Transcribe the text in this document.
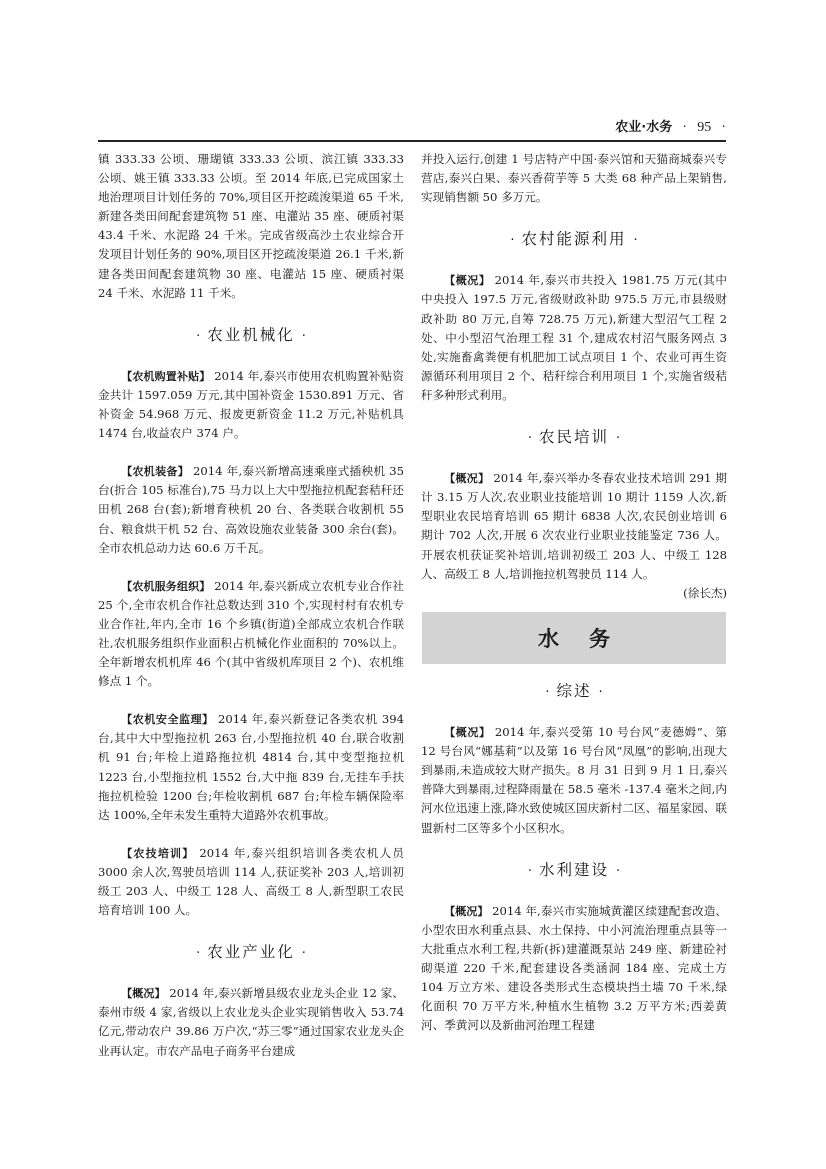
农业·水务 · 95 ·

镇 333.33 公顷、珊瑚镇 333.33 公顷、滨江镇 333.33 公顷、姚王镇 333.33 公顷。至 2014 年底,已完成国家土地治理项目计划任务的 70%,项目区开挖疏浚渠道 65 千米,新建各类田间配套建筑物 51 座、电灌站 35 座、硬质衬渠 43.4 千米、水泥路 24 千米。完成省级高沙土农业综合开发项目计划任务的 90%,项目区开挖疏浚渠道 26.1 千米,新建各类田间配套建筑物 30 座、电灌站 15 座、硬质衬渠 24 千米、水泥路 11 千米。

· 农业机械化 ·

【农机购置补贴】 2014 年,泰兴市使用农机购置补贴资金共计 1597.059 万元,其中国补资金 1530.891 万元、省补资金 54.968 万元、报废更新资金 11.2 万元,补贴机具 1474 台,收益农户 374 户。

【农机装备】 2014 年,泰兴新增高速乘座式插秧机 35 台(折合 105 标准台),75 马力以上大中型拖拉机配套秸秆还田机 268 台(套);新增育秧机 20 台、各类联合收割机 55 台、粮食烘干机 52 台、高效设施农业装备 300 余台(套)。全市农机总动力达 60.6 万千瓦。

【农机服务组织】 2014 年,泰兴新成立农机专业合作社 25 个,全市农机合作社总数达到 310 个,实现村村有农机专业合作社,年内,全市 16 个乡镇(街道)全部成立农机合作联社,农机服务组织作业面积占机械化作业面积的 70%以上。全年新增农机机库 46 个(其中省级机库项目 2 个)、农机维修点 1 个。

【农机安全监理】 2014 年,泰兴新登记各类农机 394 台,其中大中型拖拉机 263 台,小型拖拉机 40 台,联合收割机 91 台;年检上道路拖拉机 4814 台,其中变型拖拉机 1223 台,小型拖拉机 1552 台,大中拖 839 台,无挂车手扶拖拉机检验 1200 台;年检收割机 687 台;年检车辆保险率达 100%,全年未发生重特大道路外农机事故。

【农技培训】 2014 年,泰兴组织培训各类农机人员 3000 余人次,驾驶员培训 114 人,获证奖补 203 人,培训初级工 203 人、中级工 128 人、高级工 8 人,新型职工农民培育培训 100 人。

· 农业产业化 ·

【概况】 2014 年,泰兴新增县级农业龙头企业 12 家、泰州市级 4 家,省级以上农业龙头企业实现销售收入 53.74 亿元,带动农户 39.86 万户次,“苏三零”通过国家农业龙头企业再认定。市农产品电子商务平台建成

并投入运行,创建 1 号店特产中国·泰兴馆和天猫商城泰兴专营店,泰兴白果、泰兴香荷芋等 5 大类 68 种产品上架销售,实现销售额 50 多万元。

· 农村能源利用 ·

【概况】 2014 年,泰兴市共投入 1981.75 万元(其中中央投入 197.5 万元,省级财政补助 975.5 万元,市县级财政补助 80 万元,自筹 728.75 万元),新建大型沼气工程 2 处、中小型沼气治理工程 31 个,建成农村沼气服务网点 3 处,实施畜禽粪便有机肥加工试点项目 1 个、农业可再生资源循环利用项目 2 个、秸秆综合利用项目 1 个,实施省级秸秆多种形式利用。

· 农民培训 ·

【概况】 2014 年,泰兴举办冬春农业技术培训 291 期计 3.15 万人次,农业职业技能培训 10 期计 1159 人次,新型职业农民培育培训 65 期计 6838 人次,农民创业培训 6 期计 702 人次,开展 6 次农业行业职业技能鉴定 736 人。开展农机获证奖补培训,培训初级工 203 人、中级工 128 人、高级工 8 人,培训拖拉机驾驶员 114 人。

(徐长杰)
水务
· 综述 ·

【概况】 2014 年,泰兴受第 10 号台风“麦德姆”、第 12 号台风“娜基莉”以及第 16 号台风“凤凰”的影响,出现大到暴雨,未造成较大财产损失。8 月 31 日到 9 月 1 日,泰兴普降大到暴雨,过程降雨量在 58.5 毫米 -137.4 毫米之间,内河水位迅速上涨,降水致使城区国庆新村二区、福星家园、联盟新村二区等多个小区积水。

· 水利建设 ·

【概况】 2014 年,泰兴市实施城黄灌区续建配套改造、小型农田水利重点县、水土保持、中小河流治理重点县等一大批重点水利工程,共新(拆)建灌溉泵站 249 座、新建砼衬砌渠道 220 千米,配套建设各类涵洞 184 座、完成土方 104 万立方米、建设各类形式生态模块挡土墙 70 千米,绿化面积 70 万平方米,种植水生植物 3.2 万平方米;西姜黄河、季黄河以及新曲河治理工程建
